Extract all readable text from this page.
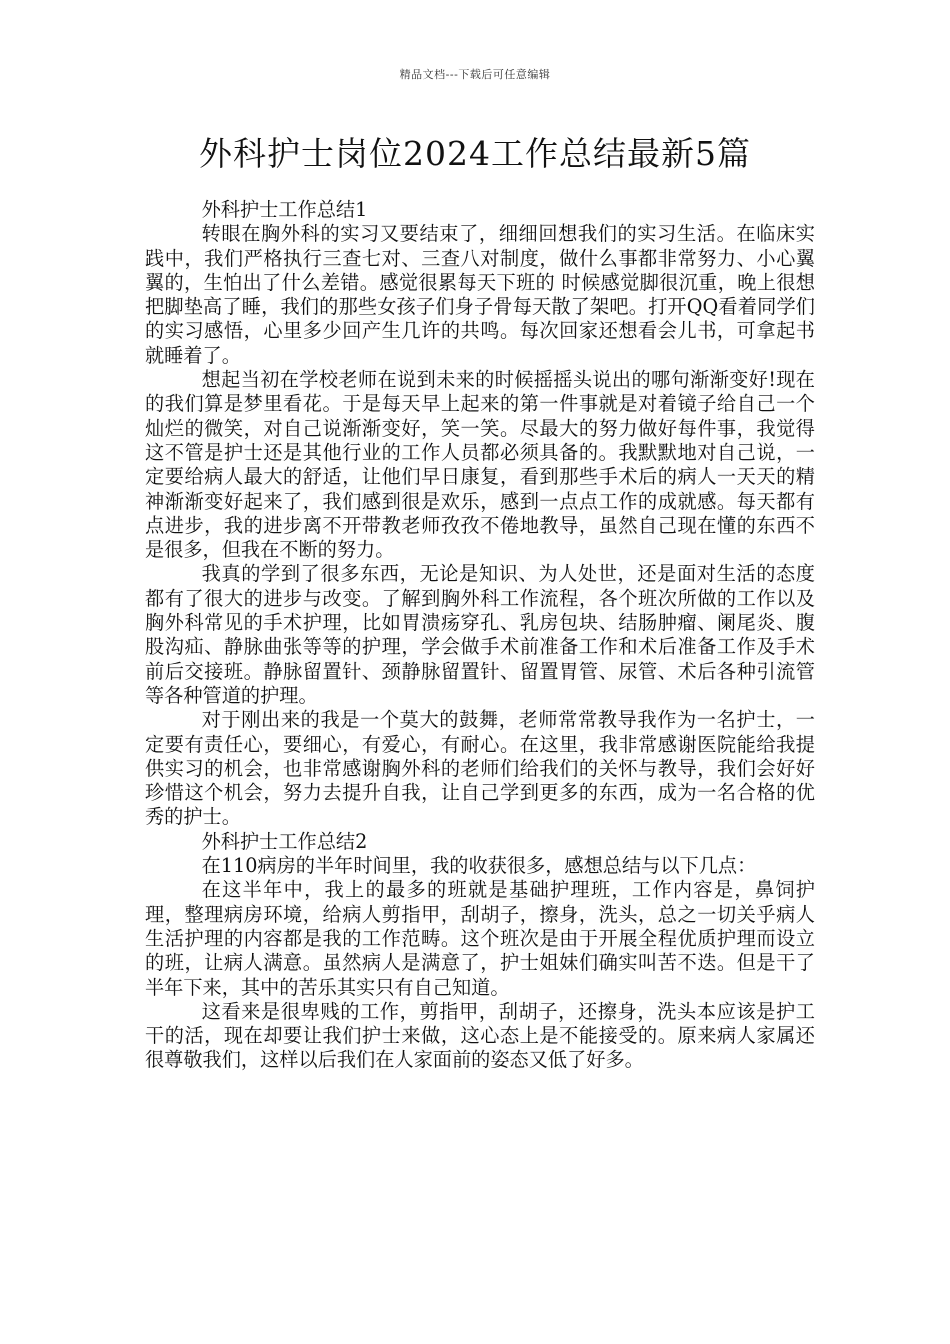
精品文档---下载后可任意编辑
外科护士岗位2024工作总结最新5篇

外科护士工作总结1

转眼在胸外科的实习又要结束了，细细回想我们的实习生活。在临床实践中，我们严格执行三查七对、三查八对制度，做什么事都非常努力、小心翼翼的，生怕出了什么差错。感觉很累每天下班的 时候感觉脚很沉重，晚上很想把脚垫高了睡，我们的那些女孩子们身子骨每天散了架吧。打开QQ看着同学们的实习感悟，心里多少回产生几许的共鸣。每次回家还想看会儿书，可拿起书就睡着了。

想起当初在学校老师在说到未来的时候摇摇头说出的哪句渐渐变好!现在的我们算是梦里看花。于是每天早上起来的第一件事就是对着镜子给自己一个灿烂的微笑，对自己说渐渐变好，笑一笑。尽最大的努力做好每件事，我觉得这不管是护士还是其他行业的工作人员都必须具备的。我默默地对自己说，一定要给病人最大的舒适，让他们早日康复，看到那些手术后的病人一天天的精神渐渐变好起来了，我们感到很是欢乐，感到一点点工作的成就感。每天都有点进步，我的进步离不开带教老师孜孜不倦地教导，虽然自己现在懂的东西不是很多，但我在不断的努力。

我真的学到了很多东西，无论是知识、为人处世，还是面对生活的态度都有了很大的进步与改变。了解到胸外科工作流程，各个班次所做的工作以及胸外科常见的手术护理，比如胃溃疡穿孔、乳房包块、结肠肿瘤、阑尾炎、腹股沟疝、静脉曲张等等的护理，学会做手术前准备工作和术后准备工作及手术前后交接班。静脉留置针、颈静脉留置针、留置胃管、尿管、术后各种引流管等各种管道的护理。

对于刚出来的我是一个莫大的鼓舞，老师常常教导我作为一名护士，一定要有责任心，要细心，有爱心，有耐心。在这里，我非常感谢医院能给我提供实习的机会，也非常感谢胸外科的老师们给我们的关怀与教导，我们会好好珍惜这个机会，努力去提升自我，让自己学到更多的东西，成为一名合格的优秀的护士。

外科护士工作总结2

在110病房的半年时间里，我的收获很多，感想总结与以下几点：

在这半年中，我上的最多的班就是基础护理班，工作内容是，鼻饲护理，整理病房环境，给病人剪指甲，刮胡子，擦身，洗头，总之一切关乎病人生活护理的内容都是我的工作范畴。这个班次是由于开展全程优质护理而设立的班，让病人满意。虽然病人是满意了，护士姐妹们确实叫苦不迭。但是干了半年下来，其中的苦乐其实只有自己知道。

这看来是很卑贱的工作，剪指甲，刮胡子，还擦身，洗头本应该是护工干的活，现在却要让我们护士来做，这心态上是不能接受的。原来病人家属还很尊敬我们，这样以后我们在人家面前的姿态又低了好多。
